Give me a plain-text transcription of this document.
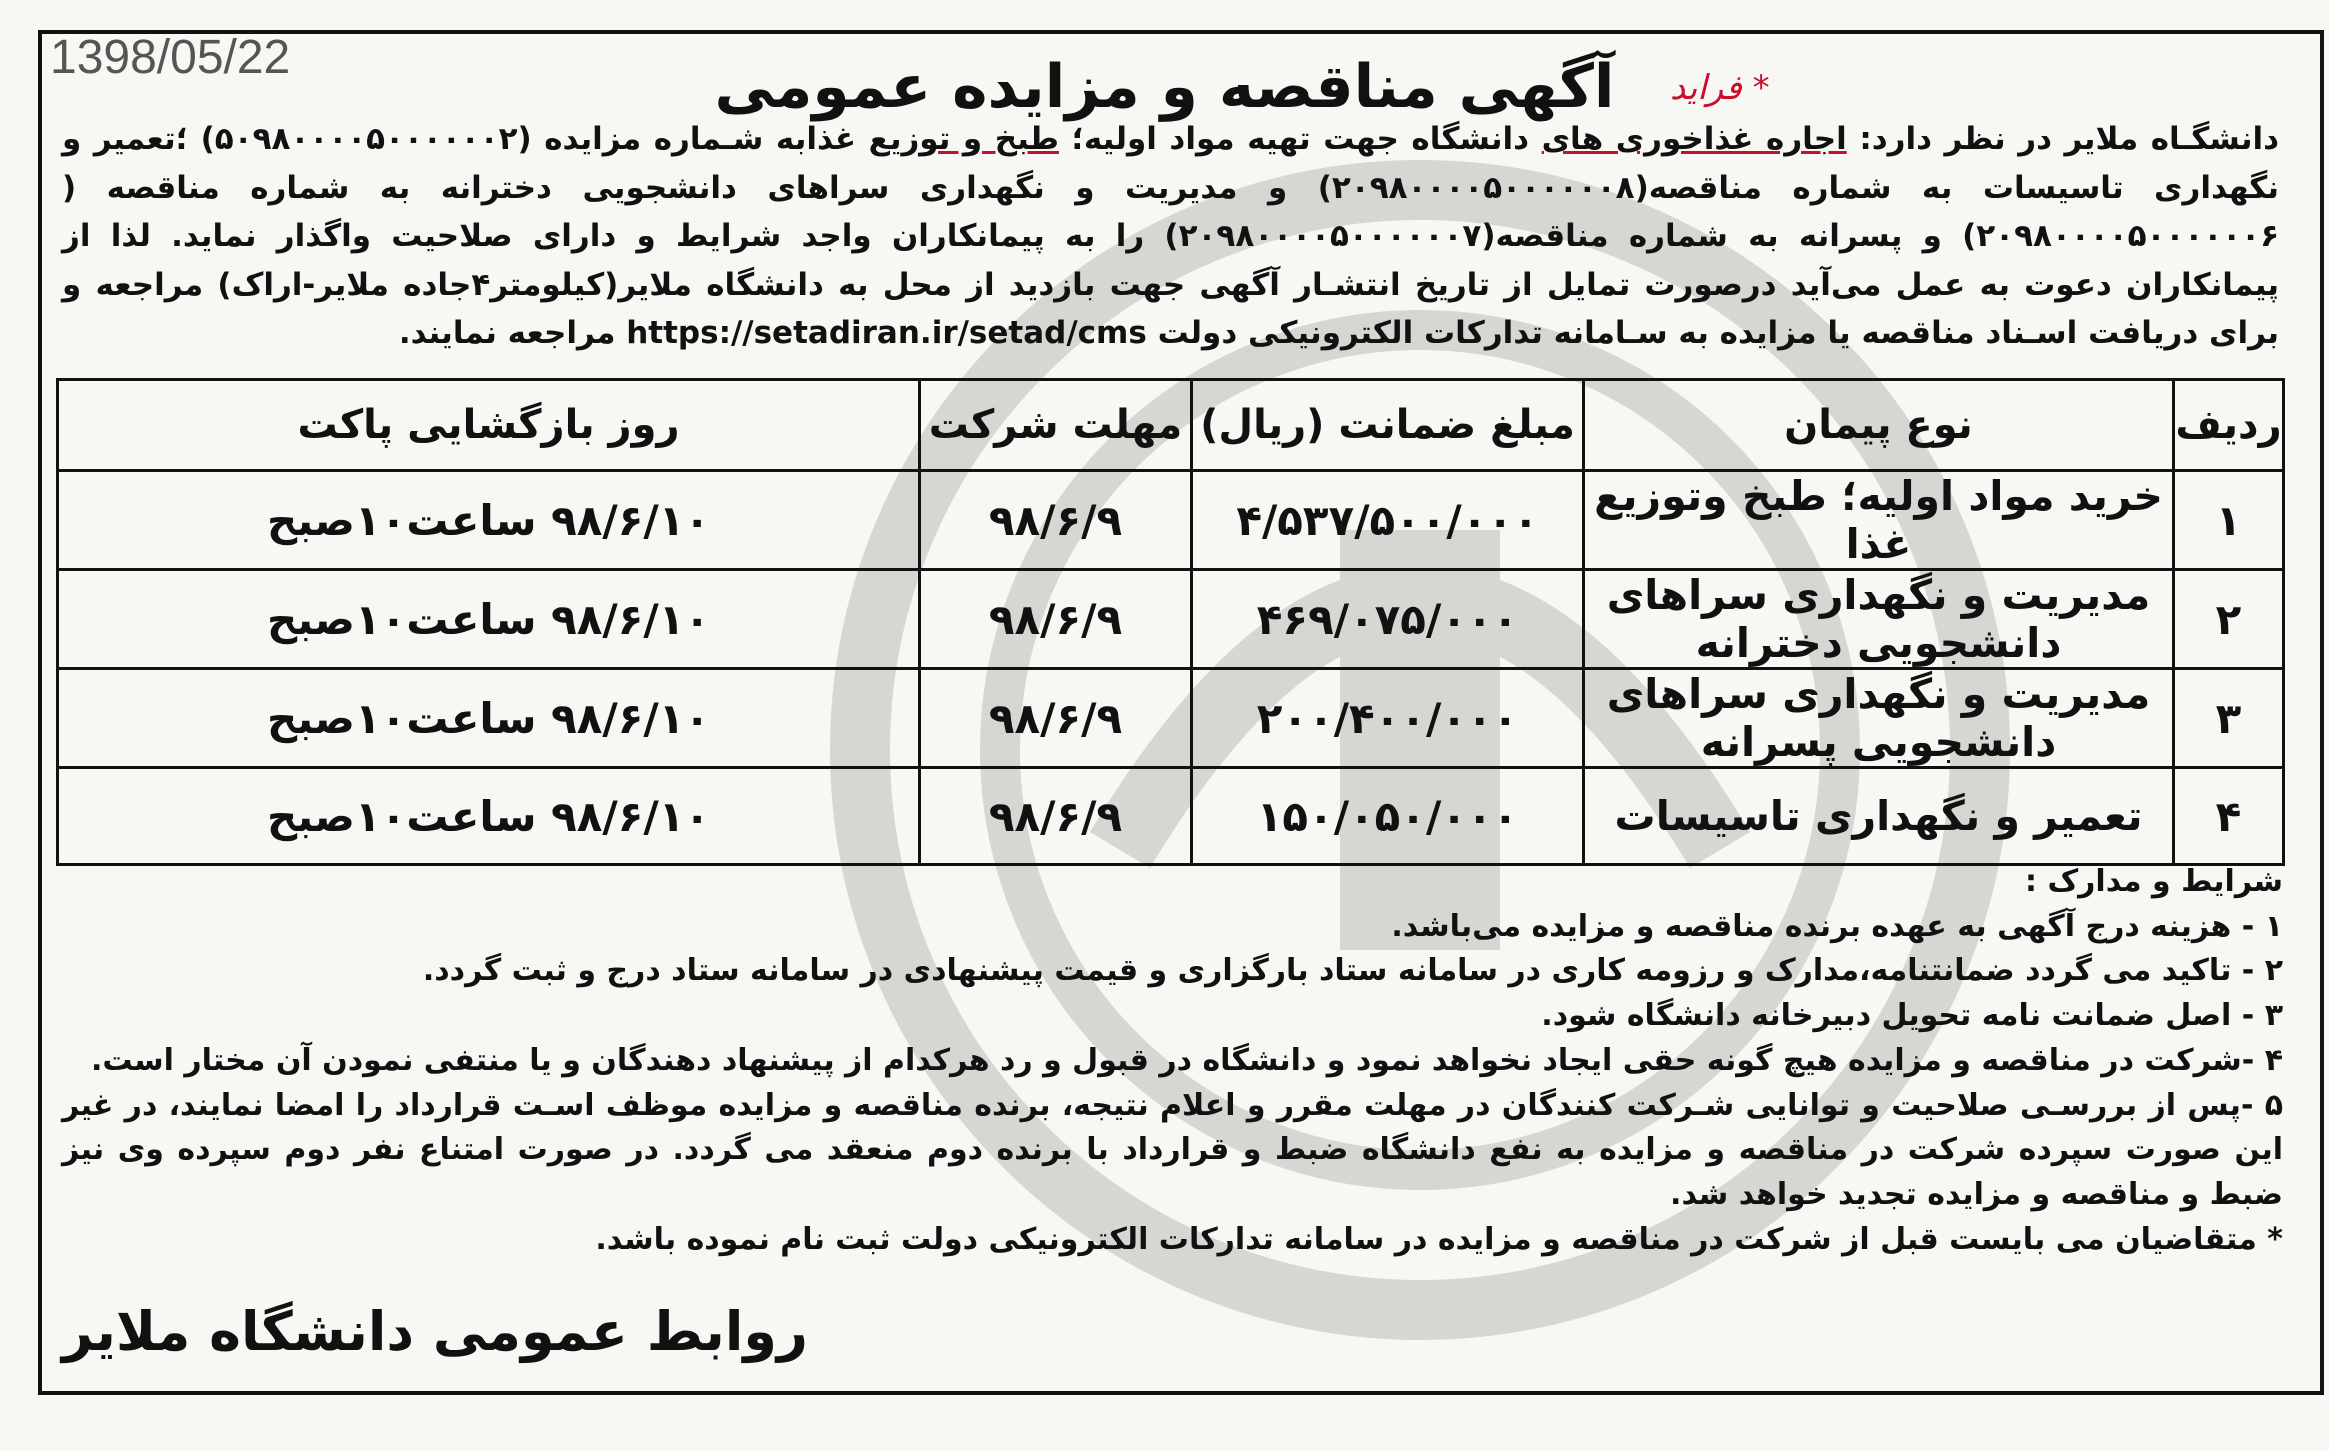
1398/05/22	آگهی مناقصه و مزایده عمومی	* فراید
دانشگـاه ملایر در نظر دارد: اجاره غذاخوری های دانشگاه جهت تهیه مواد اولیه؛ طبخ و توزیع غذابه شـماره مزایده (۵۰۹۸۰۰۰۰۵۰۰۰۰۰۰۲) ؛تعمیر و نگهداری تاسیسات به شماره مناقصه(۲۰۹۸۰۰۰۰۵۰۰۰۰۰۰۸) و مدیریت و نگهداری سراهای دانشجویی دخترانه به شماره مناقصه ( ۲۰۹۸۰۰۰۰۵۰۰۰۰۰۰۶) و پسرانه به شماره مناقصه(۲۰۹۸۰۰۰۰۵۰۰۰۰۰۰۷) را به پیمانکاران واجد شرایط و دارای صلاحیت واگذار نماید. لذا از پیمانکاران دعوت به عمل می‌آید درصورت تمایل از تاریخ انتشـار آگهی جهت بازدید از محل به دانشگاه ملایر(کیلومتر۴جاده ملایر-اراک) مراجعه و برای دریافت اسـناد مناقصه یا مزایده به سـامانه تدارکات الکترونیکی دولت https://setadiran.ir/setad/cms مراجعه نمایند.
ردیف	نوع پیمان	مبلغ ضمانت (ریال)	مهلت شرکت	روز بازگشایی پاکت
۱	خرید مواد اولیه؛ طبخ وتوزیع غذا	۴/۵۳۷/۵۰۰/۰۰۰	۹۸/۶/۹	۹۸/۶/۱۰ ساعت۱۰صبح
۲	مدیریت و نگهداری سراهای دانشجویی دخترانه	۴۶۹/۰۷۵/۰۰۰	۹۸/۶/۹	۹۸/۶/۱۰ ساعت۱۰صبح
۳	مدیریت و نگهداری سراهای دانشجویی پسرانه	۲۰۰/۴۰۰/۰۰۰	۹۸/۶/۹	۹۸/۶/۱۰ ساعت۱۰صبح
۴	تعمیر و نگهداری تاسیسات	۱۵۰/۰۵۰/۰۰۰	۹۸/۶/۹	۹۸/۶/۱۰ ساعت۱۰صبح

شرایط و مدارک :

۱ - هزینه درج آگهی به عهده برنده مناقصه و مزایده می‌باشد.

۲ - تاکید می گردد ضمانتنامه،مدارک و رزومه کاری در سامانه ستاد بارگزاری و قیمت پیشنهادی در سامانه ستاد درج و ثبت گردد.

۳ - اصل ضمانت نامه تحویل دبیرخانه دانشگاه شود.

۴ -شرکت در مناقصه و مزایده هیچ گونه حقی ایجاد نخواهد نمود و دانشگاه در قبول و رد هرکدام از پیشنهاد دهندگان و یا منتفی نمودن آن مختار است.

۵ -پس از بررسـی صلاحیت و توانایی شـرکت کنندگان در مهلت مقرر و اعلام نتیجه، برنده مناقصه و مزایده موظف اسـت قرارداد را امضا نمایند، در غیر این صورت سپرده شرکت در مناقصه و مزایده به نفع دانشگاه ضبط و قرارداد با برنده دوم منعقد می گردد. در صورت امتناع نفر دوم سپرده وی نیز ضبط و مناقصه و مزایده تجدید خواهد شد.

* متقاضیان می بایست قبل از شرکت در مناقصه و مزایده در سامانه تدارکات الکترونیکی دولت ثبت نام نموده باشد.

روابط عمومی دانشگاه ملایر
